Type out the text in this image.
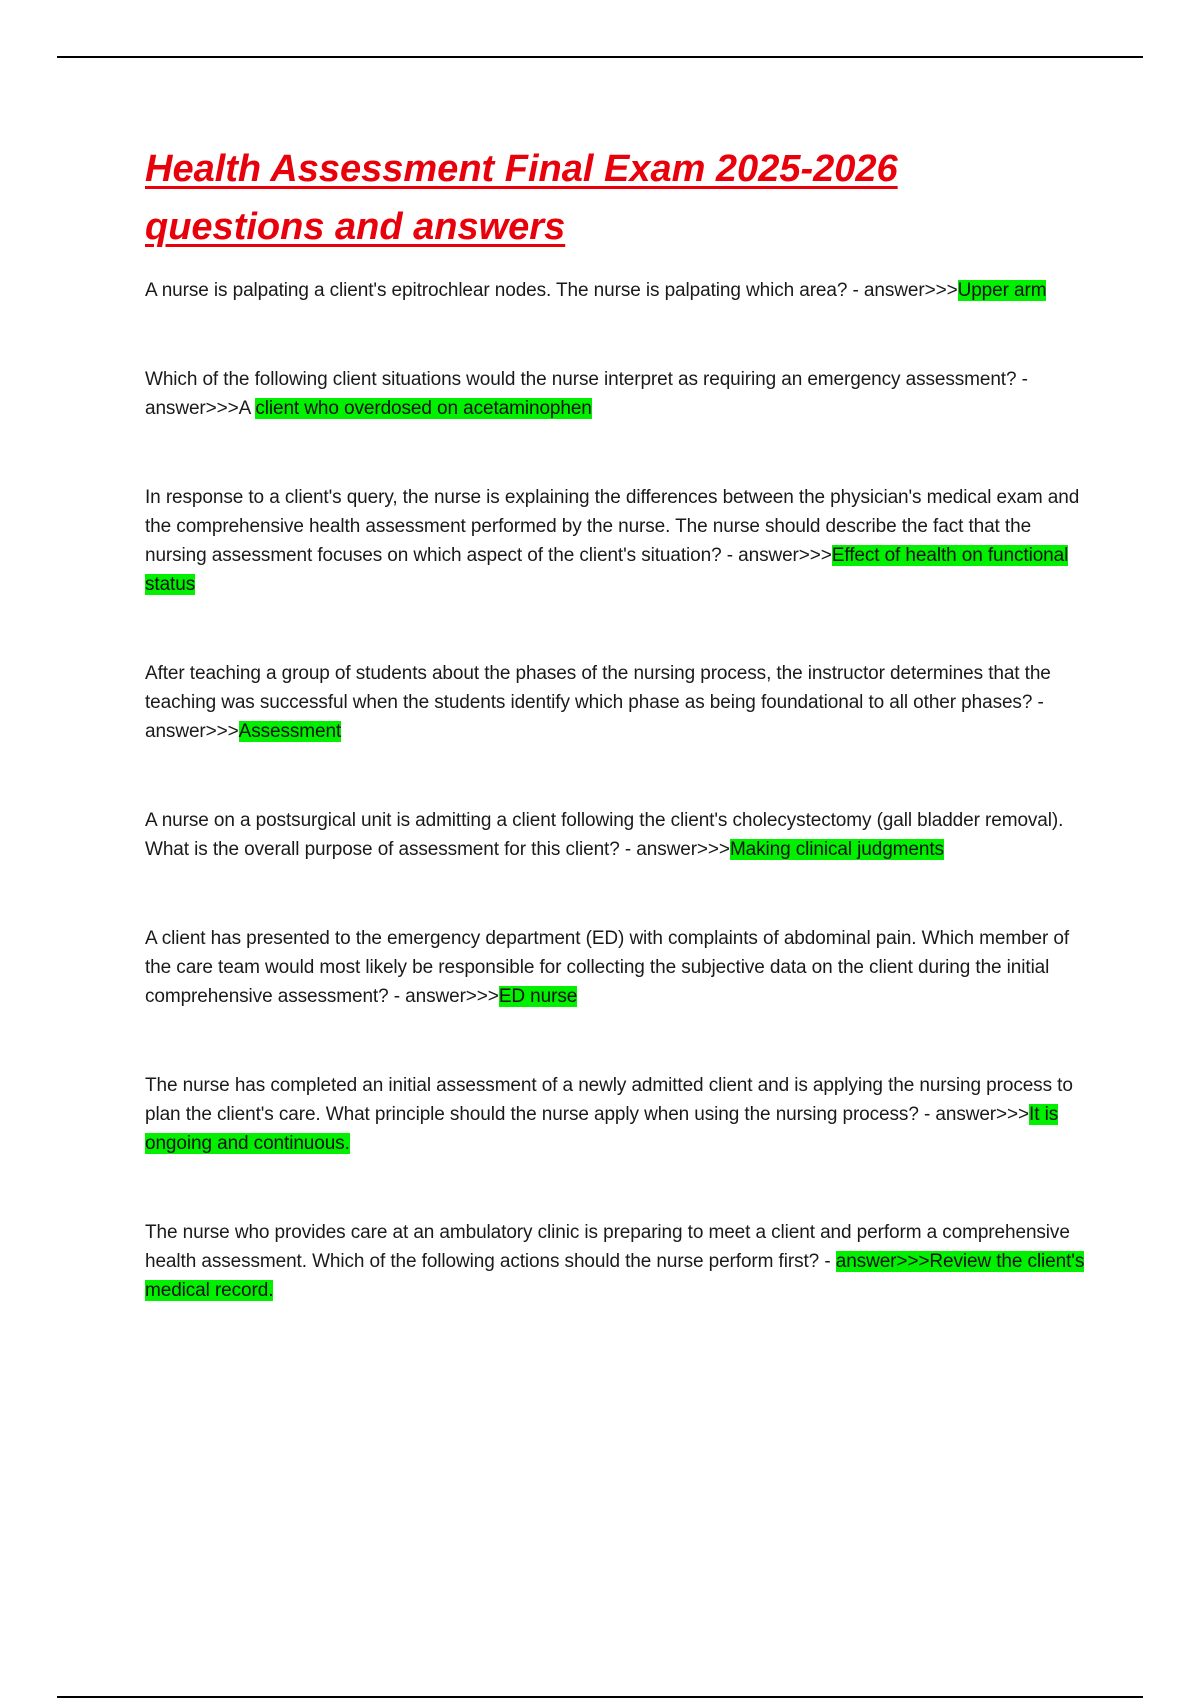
Health Assessment Final Exam 2025-2026
questions and answers
A nurse is palpating a client's epitrochlear nodes. The nurse is palpating which area? - answer>>>Upper arm
Which of the following client situations would the nurse interpret as requiring an emergency assessment? - answer>>>A client who overdosed on acetaminophen
In response to a client's query, the nurse is explaining the differences between the physician's medical exam and the comprehensive health assessment performed by the nurse. The nurse should describe the fact that the nursing assessment focuses on which aspect of the client's situation? - answer>>>Effect of health on functional status
After teaching a group of students about the phases of the nursing process, the instructor determines that the teaching was successful when the students identify which phase as being foundational to all other phases? - answer>>>Assessment
A nurse on a postsurgical unit is admitting a client following the client's cholecystectomy (gall bladder removal). What is the overall purpose of assessment for this client? - answer>>>Making clinical judgments
A client has presented to the emergency department (ED) with complaints of abdominal pain. Which member of the care team would most likely be responsible for collecting the subjective data on the client during the initial comprehensive assessment? - answer>>>ED nurse
The nurse has completed an initial assessment of a newly admitted client and is applying the nursing process to plan the client's care. What principle should the nurse apply when using the nursing process? - answer>>>It is ongoing and continuous.
The nurse who provides care at an ambulatory clinic is preparing to meet a client and perform a comprehensive health assessment. Which of the following actions should the nurse perform first? - answer>>>Review the client's medical record.
